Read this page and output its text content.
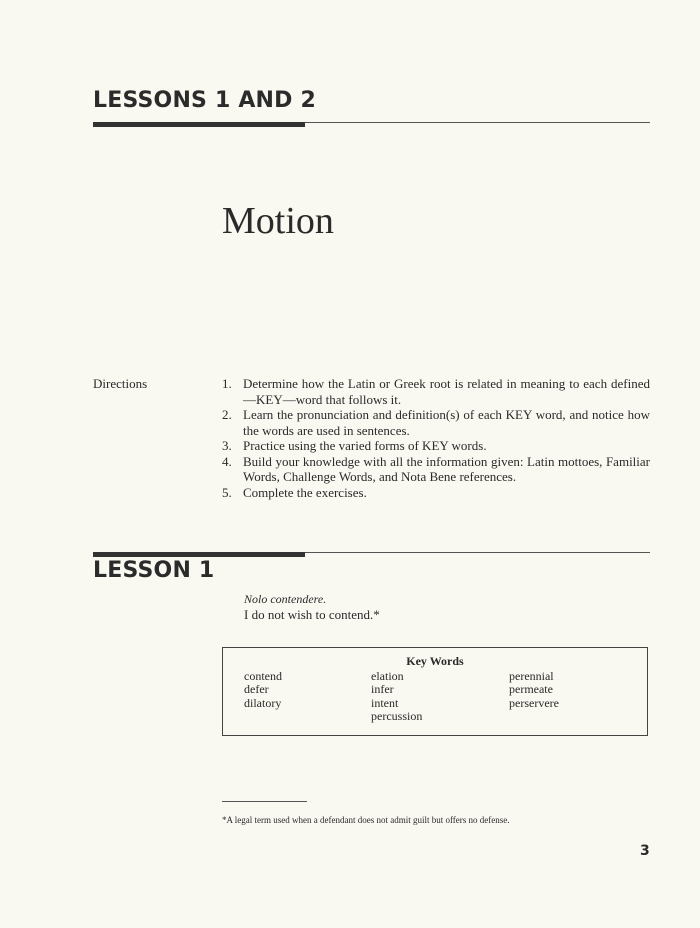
LESSONS 1 AND 2
Motion
Directions	1. Determine how the Latin or Greek root is related in meaning to each defined—KEY—word that follows it.
2. Learn the pronunciation and definition(s) of each KEY word, and notice how the words are used in sentences.
3. Practice using the varied forms of KEY words.
4. Build your knowledge with all the information given: Latin mottoes, Familiar Words, Challenge Words, and Nota Bene references.
5. Complete the exercises.
LESSON 1
Nolo contendere.
I do not wish to contend.*
Key Words
contend
defer
dilatory
elation
infer
intent
percussion
perennial
permeate
perservere
*A legal term used when a defendant does not admit guilt but offers no defense.
3
